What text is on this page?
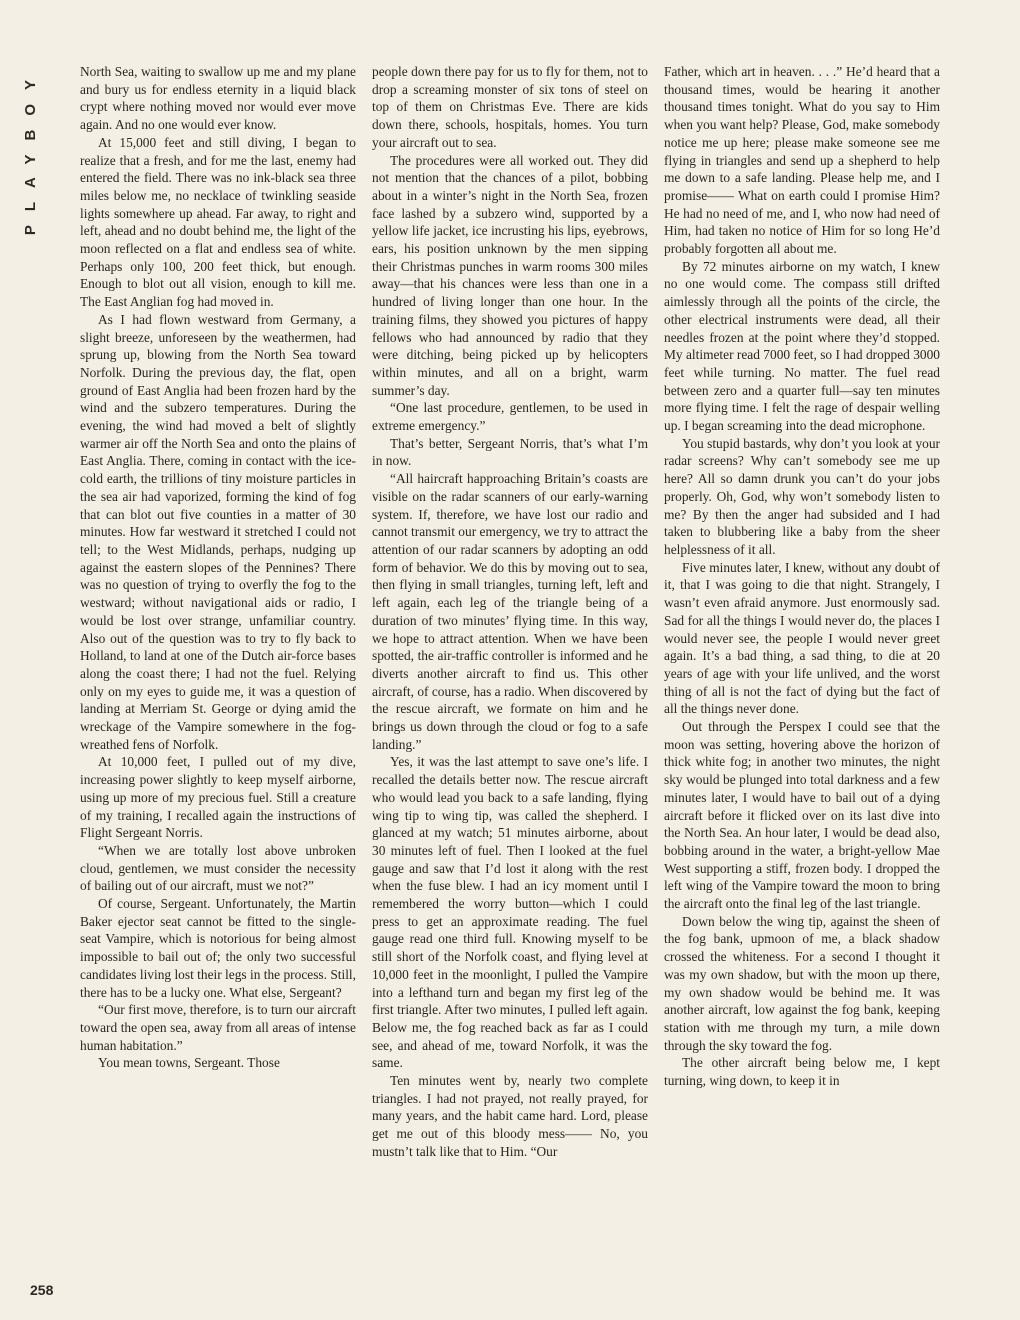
PLAYBOY	North Sea, waiting to swallow up me and my plane and bury us for endless eternity in a liquid black crypt where nothing moved nor would ever move again. And no one would ever know.

At 15,000 feet and still diving, I began to realize that a fresh, and for me the last, enemy had entered the field. There was no ink-black sea three miles below me, no necklace of twinkling seaside lights somewhere up ahead. Far away, to right and left, ahead and no doubt behind me, the light of the moon reflected on a flat and endless sea of white. Perhaps only 100, 200 feet thick, but enough. Enough to blot out all vision, enough to kill me. The East Anglian fog had moved in.

As I had flown westward from Germany, a slight breeze, unforeseen by the weathermen, had sprung up, blowing from the North Sea toward Norfolk. During the previous day, the flat, open ground of East Anglia had been frozen hard by the wind and the subzero temperatures. During the evening, the wind had moved a belt of slightly warmer air off the North Sea and onto the plains of East Anglia. There, coming in contact with the ice-cold earth, the trillions of tiny moisture particles in the sea air had vaporized, forming the kind of fog that can blot out five counties in a matter of 30 minutes. How far westward it stretched I could not tell; to the West Midlands, perhaps, nudging up against the eastern slopes of the Pennines? There was no question of trying to overfly the fog to the westward; without navigational aids or radio, I would be lost over strange, unfamiliar country. Also out of the question was to try to fly back to Holland, to land at one of the Dutch air-force bases along the coast there; I had not the fuel. Relying only on my eyes to guide me, it was a question of landing at Merriam St. George or dying amid the wreckage of the Vampire somewhere in the fog-wreathed fens of Norfolk.

At 10,000 feet, I pulled out of my dive, increasing power slightly to keep myself airborne, using up more of my precious fuel. Still a creature of my training, I recalled again the instructions of Flight Sergeant Norris.

“When we are totally lost above unbroken cloud, gentlemen, we must consider the necessity of bailing out of our aircraft, must we not?”

Of course, Sergeant. Unfortunately, the Martin Baker ejector seat cannot be fitted to the single-seat Vampire, which is notorious for being almost impossible to bail out of; the only two successful candidates living lost their legs in the process. Still, there has to be a lucky one. What else, Sergeant?

“Our first move, therefore, is to turn our aircraft toward the open sea, away from all areas of intense human habitation.”

You mean towns, Sergeant. Those

people down there pay for us to fly for them, not to drop a screaming monster of six tons of steel on top of them on Christmas Eve. There are kids down there, schools, hospitals, homes. You turn your aircraft out to sea.

The procedures were all worked out. They did not mention that the chances of a pilot, bobbing about in a winter’s night in the North Sea, frozen face lashed by a subzero wind, supported by a yellow life jacket, ice incrusting his lips, eyebrows, ears, his position unknown by the men sipping their Christmas punches in warm rooms 300 miles away—that his chances were less than one in a hundred of living longer than one hour. In the training films, they showed you pictures of happy fellows who had announced by radio that they were ditching, being picked up by helicopters within minutes, and all on a bright, warm summer’s day.

“One last procedure, gentlemen, to be used in extreme emergency.”

That’s better, Sergeant Norris, that’s what I’m in now.

“All haircraft happroaching Britain’s coasts are visible on the radar scanners of our early-warning system. If, therefore, we have lost our radio and cannot transmit our emergency, we try to attract the attention of our radar scanners by adopting an odd form of behavior. We do this by moving out to sea, then flying in small triangles, turning left, left and left again, each leg of the triangle being of a duration of two minutes’ flying time. In this way, we hope to attract attention. When we have been spotted, the air-traffic controller is informed and he diverts another aircraft to find us. This other aircraft, of course, has a radio. When discovered by the rescue aircraft, we formate on him and he brings us down through the cloud or fog to a safe landing.”

Yes, it was the last attempt to save one’s life. I recalled the details better now. The rescue aircraft who would lead you back to a safe landing, flying wing tip to wing tip, was called the shepherd. I glanced at my watch; 51 minutes airborne, about 30 minutes left of fuel. Then I looked at the fuel gauge and saw that I’d lost it along with the rest when the fuse blew. I had an icy moment until I remembered the worry button—which I could press to get an approximate reading. The fuel gauge read one third full. Knowing myself to be still short of the Norfolk coast, and flying level at 10,000 feet in the moonlight, I pulled the Vampire into a lefthand turn and began my first leg of the first triangle. After two minutes, I pulled left again. Below me, the fog reached back as far as I could see, and ahead of me, toward Norfolk, it was the same.

Ten minutes went by, nearly two complete triangles. I had not prayed, not really prayed, for many years, and the habit came hard. Lord, please get me out of this bloody mess—— No, you mustn’t talk like that to Him. “Our

Father, which art in heaven. . . .” He’d heard that a thousand times, would be hearing it another thousand times tonight. What do you say to Him when you want help? Please, God, make somebody notice me up here; please make someone see me flying in triangles and send up a shepherd to help me down to a safe landing. Please help me, and I promise—— What on earth could I promise Him? He had no need of me, and I, who now had need of Him, had taken no notice of Him for so long He’d probably forgotten all about me.

By 72 minutes airborne on my watch, I knew no one would come. The compass still drifted aimlessly through all the points of the circle, the other electrical instruments were dead, all their needles frozen at the point where they’d stopped. My altimeter read 7000 feet, so I had dropped 3000 feet while turning. No matter. The fuel read between zero and a quarter full—say ten minutes more flying time. I felt the rage of despair welling up. I began screaming into the dead microphone.

You stupid bastards, why don’t you look at your radar screens? Why can’t somebody see me up here? All so damn drunk you can’t do your jobs properly. Oh, God, why won’t somebody listen to me? By then the anger had subsided and I had taken to blubbering like a baby from the sheer helplessness of it all.

Five minutes later, I knew, without any doubt of it, that I was going to die that night. Strangely, I wasn’t even afraid anymore. Just enormously sad. Sad for all the things I would never do, the places I would never see, the people I would never greet again. It’s a bad thing, a sad thing, to die at 20 years of age with your life unlived, and the worst thing of all is not the fact of dying but the fact of all the things never done.

Out through the Perspex I could see that the moon was setting, hovering above the horizon of thick white fog; in another two minutes, the night sky would be plunged into total darkness and a few minutes later, I would have to bail out of a dying aircraft before it flicked over on its last dive into the North Sea. An hour later, I would be dead also, bobbing around in the water, a bright-yellow Mae West supporting a stiff, frozen body. I dropped the left wing of the Vampire toward the moon to bring the aircraft onto the final leg of the last triangle.

Down below the wing tip, against the sheen of the fog bank, upmoon of me, a black shadow crossed the whiteness. For a second I thought it was my own shadow, but with the moon up there, my own shadow would be behind me. It was another aircraft, low against the fog bank, keeping station with me through my turn, a mile down through the sky toward the fog.

The other aircraft being below me, I kept turning, wing down, to keep it in

258
